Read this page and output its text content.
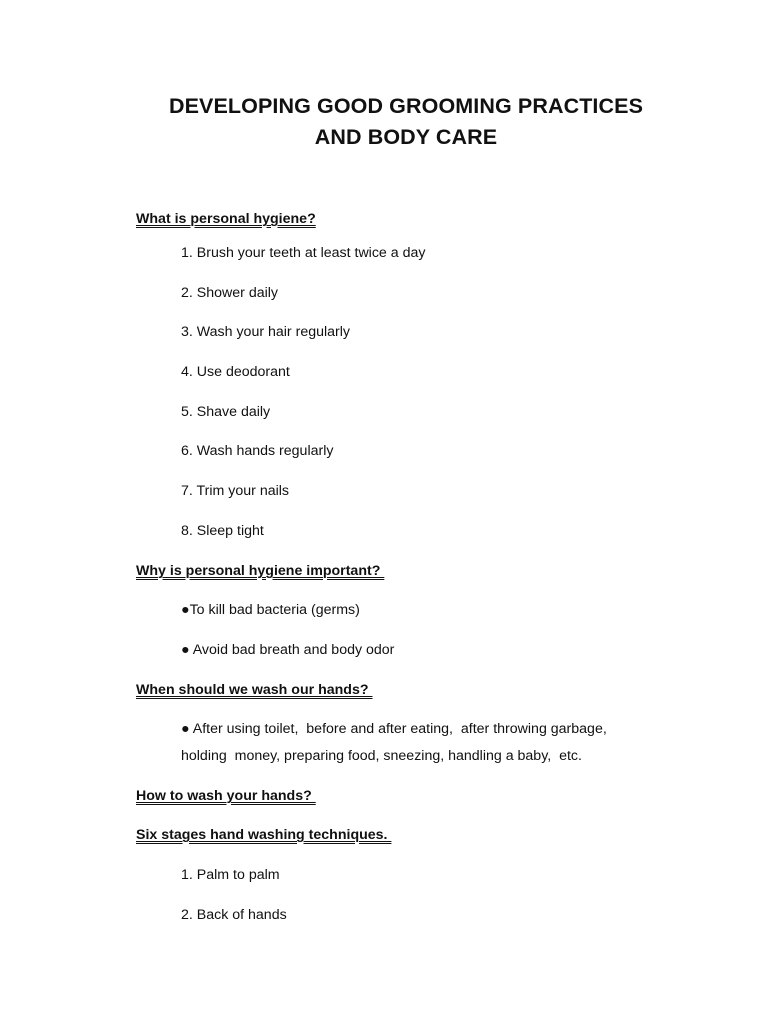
DEVELOPING GOOD GROOMING PRACTICES
AND BODY CARE

What is personal hygiene?

1. Brush your teeth at least twice a day

2. Shower daily

3. Wash your hair regularly

4. Use deodorant

5. Shave daily

6. Wash hands regularly

7. Trim your nails

8. Sleep tight

Why is personal hygiene important?

●To kill bad bacteria (germs)

● Avoid bad breath and body odor

When should we wash our hands?

● After using toilet,  before and after eating,  after throwing garbage,

holding  money, preparing food, sneezing, handling a baby,  etc.

How to wash your hands?

Six stages hand washing techniques.

1. Palm to palm

2. Back of hands
